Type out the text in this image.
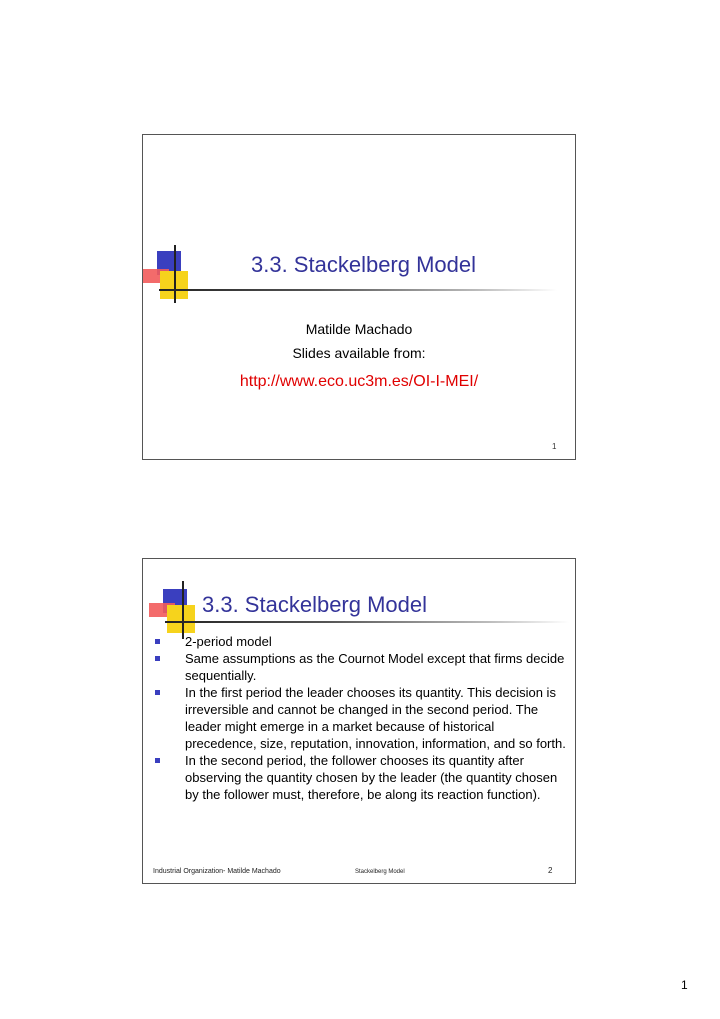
3.3. Stackelberg Model
Matilde Machado
Slides available from:
http://www.eco.uc3m.es/OI-I-MEI/
1
3.3. Stackelberg Model
2-period model
Same assumptions as the Cournot Model except that firms decide sequentially.
In the first period the leader chooses its quantity. This decision is irreversible and cannot be changed in the second period. The leader might emerge in a market because of historical precedence, size, reputation, innovation, information, and so forth.
In the second period, the follower chooses its quantity after observing the quantity chosen by the leader (the quantity chosen by the follower must, therefore, be along its reaction function).
Industrial Organization- Matilde Machado	Stackelberg Model	2
1
